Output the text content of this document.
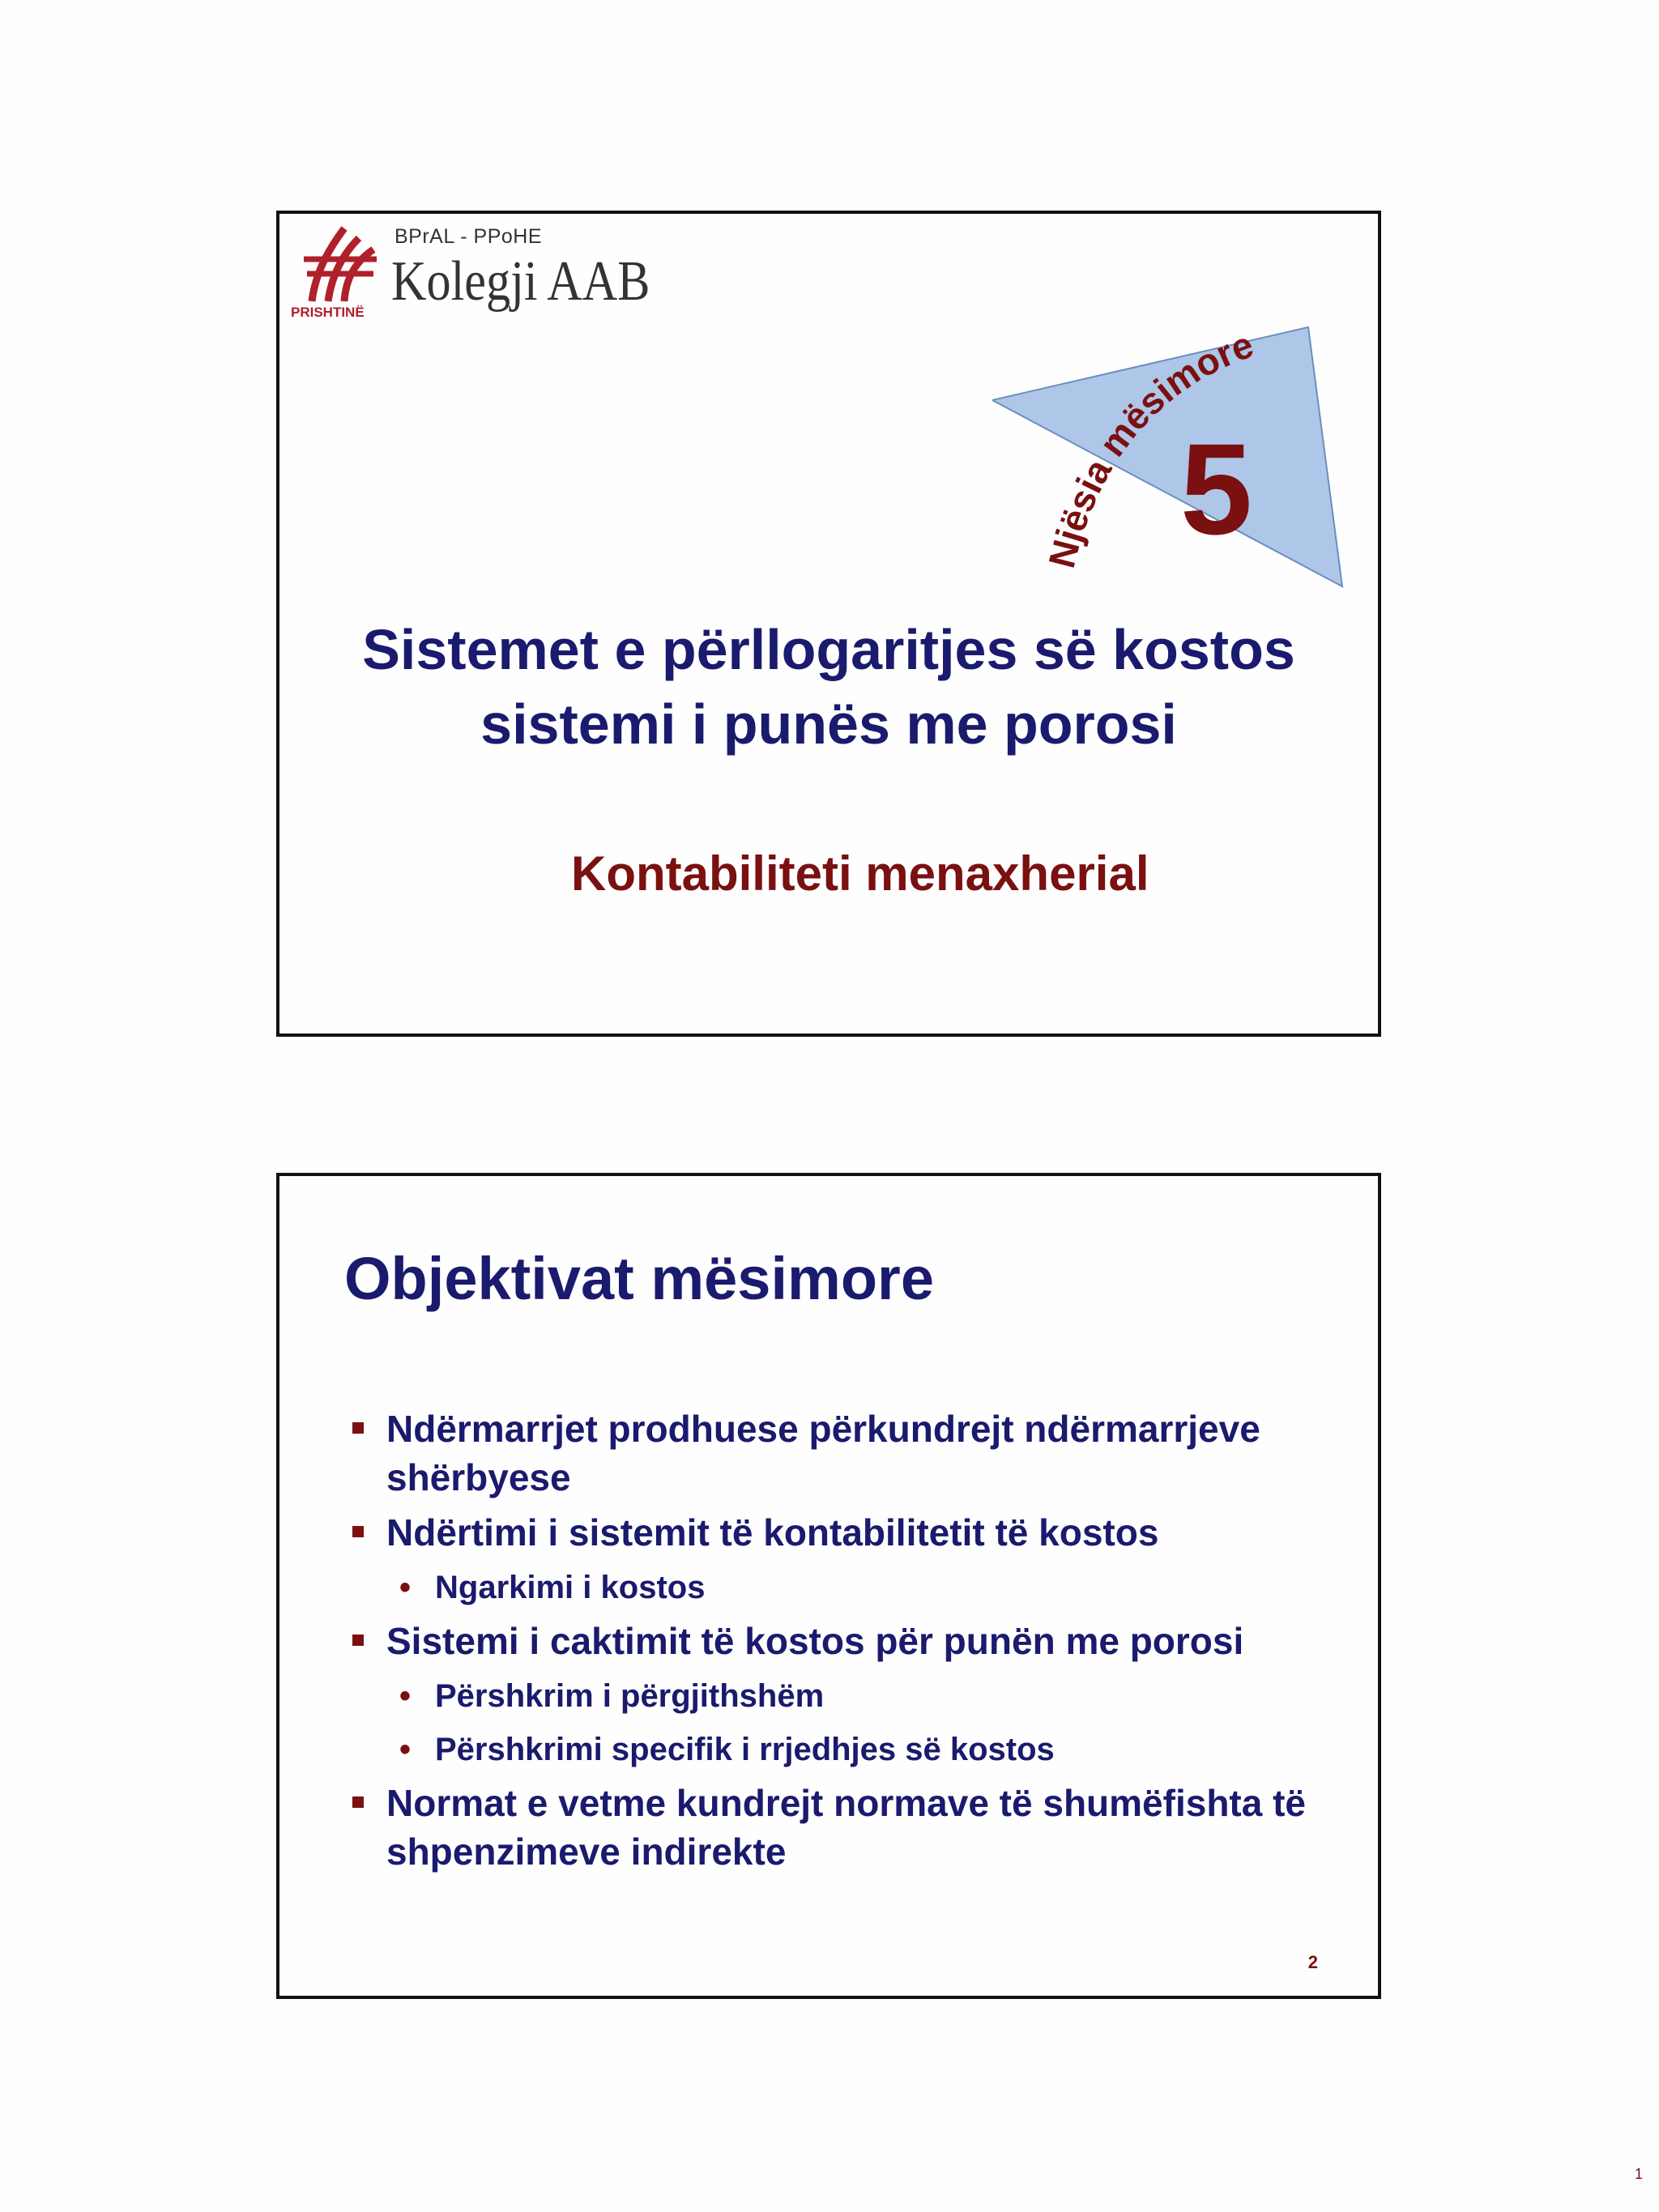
BPrAL - PPoHE
Kolegji AAB
PRISHTINË
Njësia mësimore
5
Sistemet e përllogaritjes së kostos
sistemi i punës me porosi
Kontabiliteti menaxherial
Objektivat mësimore
Ndërmarrjet prodhuese përkundrejt ndërmarrjeve shërbyese
Ndërtimi i sistemit të kontabilitetit të kostos
• Ngarkimi i kostos
Sistemi i caktimit të kostos për punën me porosi
• Përshkrim i përgjithshëm
• Përshkrimi specifik i rrjedhjes së kostos
Normat e vetme kundrejt normave të shumëfishta të shpenzimeve indirekte
2
1
